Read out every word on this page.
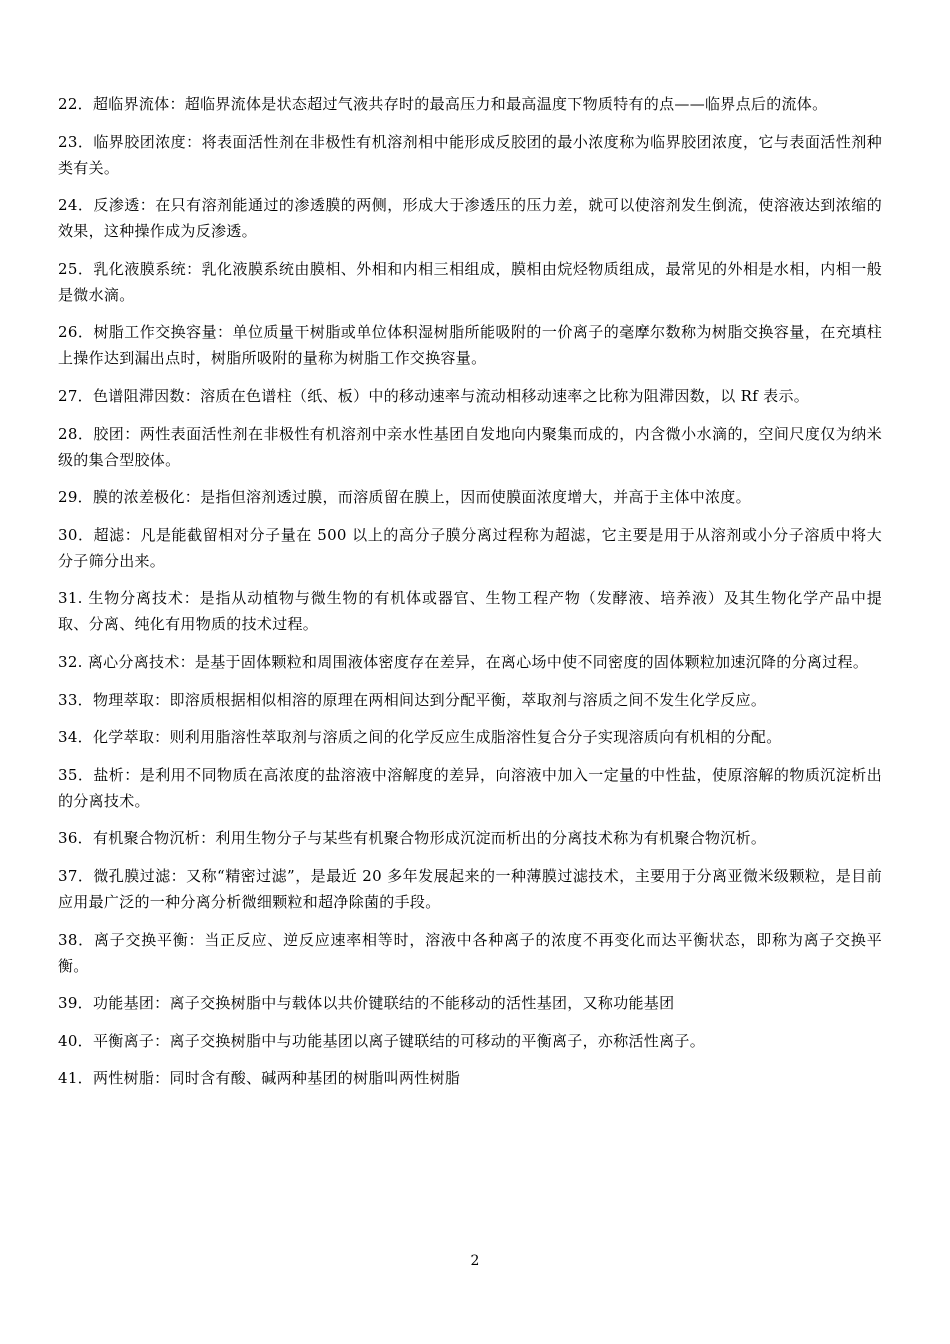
22．超临界流体：超临界流体是状态超过气液共存时的最高压力和最高温度下物质特有的点——临界点后的流体。

23．临界胶团浓度：将表面活性剂在非极性有机溶剂相中能形成反胶团的最小浓度称为临界胶团浓度，它与表面活性剂种类有关。

24．反渗透：在只有溶剂能通过的渗透膜的两侧，形成大于渗透压的压力差，就可以使溶剂发生倒流，使溶液达到浓缩的效果，这种操作成为反渗透。

25．乳化液膜系统：乳化液膜系统由膜相、外相和内相三相组成，膜相由烷烃物质组成，最常见的外相是水相，内相一般是微水滴。

26．树脂工作交换容量：单位质量干树脂或单位体积湿树脂所能吸附的一价离子的毫摩尔数称为树脂交换容量，在充填柱上操作达到漏出点时，树脂所吸附的量称为树脂工作交换容量。

27．色谱阻滞因数：溶质在色谱柱（纸、板）中的移动速率与流动相移动速率之比称为阻滞因数，以 Rf 表示。

28．胶团：两性表面活性剂在非极性有机溶剂中亲水性基团自发地向内聚集而成的，内含微小水滴的，空间尺度仅为纳米级的集合型胶体。

29．膜的浓差极化：是指但溶剂透过膜，而溶质留在膜上，因而使膜面浓度增大，并高于主体中浓度。

30．超滤：凡是能截留相对分子量在 500 以上的高分子膜分离过程称为超滤，它主要是用于从溶剂或小分子溶质中将大分子筛分出来。

31. 生物分离技术：是指从动植物与微生物的有机体或器官、生物工程产物（发酵液、培养液）及其生物化学产品中提取、分离、纯化有用物质的技术过程。

32. 离心分离技术：是基于固体颗粒和周围液体密度存在差异，在离心场中使不同密度的固体颗粒加速沉降的分离过程。

33．物理萃取：即溶质根据相似相溶的原理在两相间达到分配平衡，萃取剂与溶质之间不发生化学反应。

34．化学萃取：则利用脂溶性萃取剂与溶质之间的化学反应生成脂溶性复合分子实现溶质向有机相的分配。

35．盐析：是利用不同物质在高浓度的盐溶液中溶解度的差异，向溶液中加入一定量的中性盐，使原溶解的物质沉淀析出的分离技术。

36．有机聚合物沉析：利用生物分子与某些有机聚合物形成沉淀而析出的分离技术称为有机聚合物沉析。

37．微孔膜过滤：又称“精密过滤”，是最近 20 多年发展起来的一种薄膜过滤技术，主要用于分离亚微米级颗粒，是目前应用最广泛的一种分离分析微细颗粒和超净除菌的手段。

38．离子交换平衡：当正反应、逆反应速率相等时，溶液中各种离子的浓度不再变化而达平衡状态，即称为离子交换平衡。

39．功能基团：离子交换树脂中与载体以共价键联结的不能移动的活性基团，又称功能基团

40．平衡离子：离子交换树脂中与功能基团以离子键联结的可移动的平衡离子，亦称活性离子。

41．两性树脂：同时含有酸、碱两种基团的树脂叫两性树脂

2
